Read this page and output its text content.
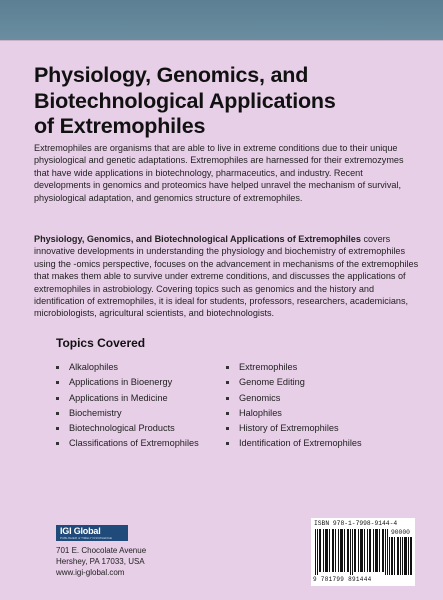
Physiology, Genomics, and
Biotechnological Applications
of Extremophiles
Extremophiles are organisms that are able to live in extreme conditions due to their unique physiological and genetic adaptations. Extremophiles are harnessed for their extremozymes that have wide applications in biotechnology, pharmaceutics, and industry. Recent developments in genomics and proteomics have helped unravel the mechanism of survival, physiological adaptation, and genomics structure of extremophiles.
Physiology, Genomics, and Biotechnological Applications of Extremophiles covers innovative developments in understanding the physiology and biochemistry of extremophiles using the -omics perspective, focuses on the advancement in mechanisms of the extremophiles that makes them able to survive under extreme conditions, and discusses the applications of extremophiles in astrobiology. Covering topics such as genomics and the history and identification of extremophiles, it is ideal for students, professors, researchers, academicians, microbiologists, agricultural scientists, and biotechnologists.
Topics Covered
Alkalophiles
Applications in Bioenergy
Applications in Medicine
Biochemistry
Biotechnological Products
Classifications of Extremophiles
Extremophiles
Genome Editing
Genomics
Halophiles
History of Extremophiles
Identification of Extremophiles
IGI Global
PUBLISHER of TIMELY KNOWLEDGE
701 E. Chocolate Avenue
Hershey, PA 17033, USA
www.igi-global.com
ISBN 978-1-7998-9144-4
90000
9 781799 891444
